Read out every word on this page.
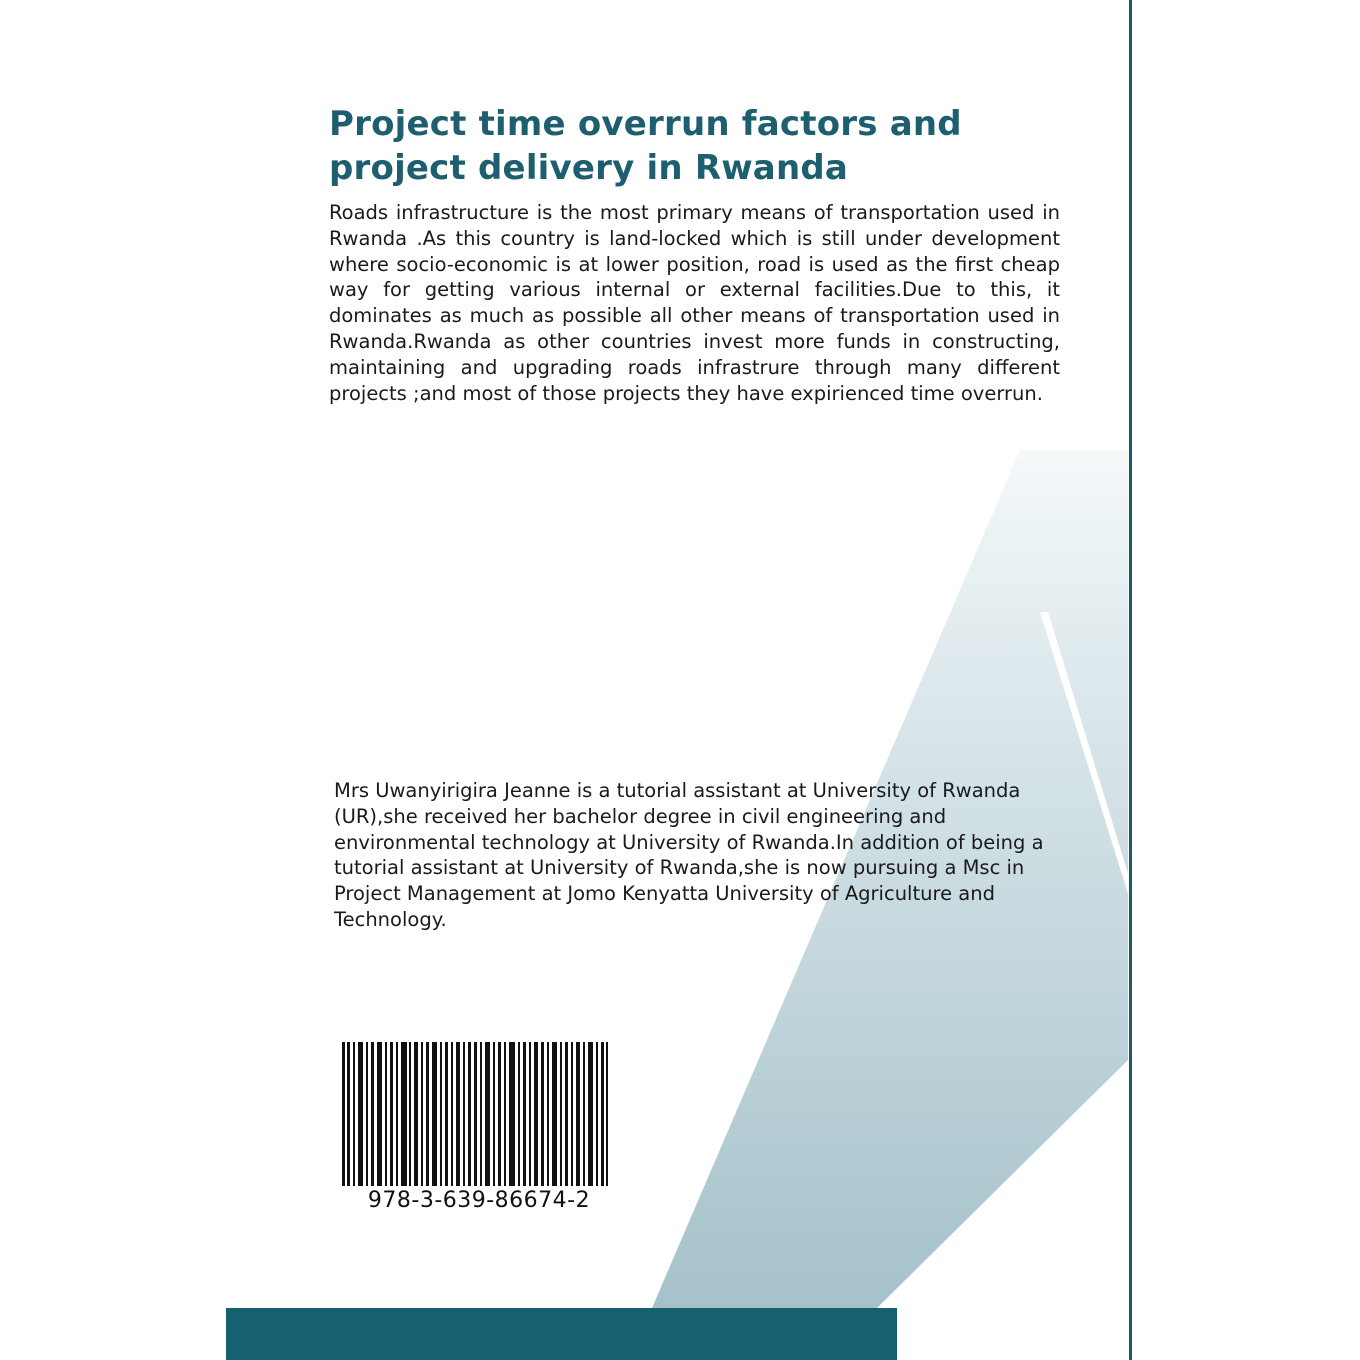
Project time overrun factors and project delivery in Rwanda

Roads infrastructure is the most primary means of transportation used in Rwanda .As this country is land-locked which is still under development where socio-economic is at lower position, road is used as the first cheap way for getting various internal or external facilities.Due to this, it dominates as much as possible all other means of transportation used in Rwanda.Rwanda as other countries invest more funds in constructing, maintaining and upgrading roads infrastrure through many different projects ;and most of those projects they have expirienced time overrun.

Mrs Uwanyirigira Jeanne is a tutorial assistant at University of Rwanda (UR),she received her bachelor degree in civil engineering and environmental technology at University of Rwanda.In addition of being a tutorial assistant at University of Rwanda,she is now pursuing a Msc in Project Management at Jomo Kenyatta University of Agriculture and Technology.

978-3-639-86674-2
